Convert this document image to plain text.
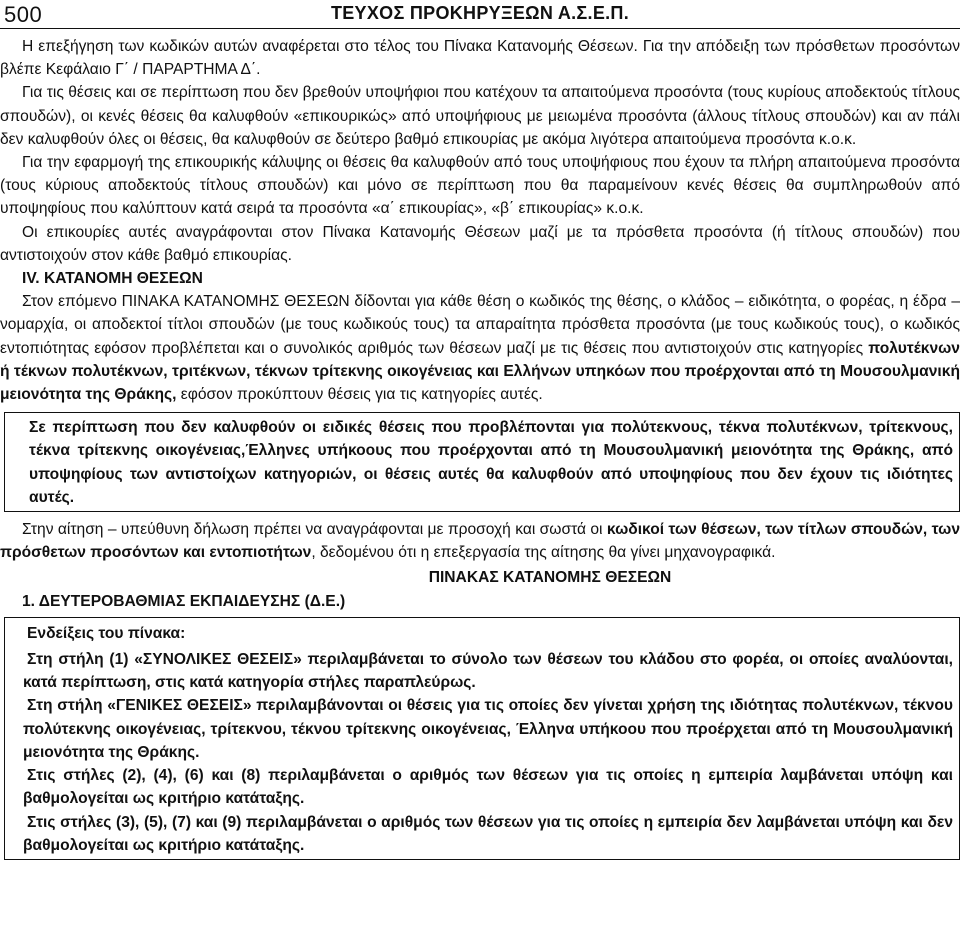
500	ΤΕΥΧΟΣ ΠΡΟΚΗΡΥΞΕΩΝ Α.Σ.Ε.Π.

Η επεξήγηση των κωδικών αυτών αναφέρεται στο τέλος του Πίνακα Κατανομής Θέσεων. Για την απόδειξη των πρόσθετων προσόντων βλέπε Κεφάλαιο Γ΄ / ΠΑΡΑΡΤΗΜΑ Δ΄.

Για τις θέσεις και σε περίπτωση που δεν βρεθούν υποψήφιοι που κατέχουν τα απαιτούμενα προσόντα (τους κυρίους αποδεκτούς τίτλους σπουδών), οι κενές θέσεις θα καλυφθούν «επικουρικώς» από υποψήφιους με μειωμένα προσόντα (άλλους τίτλους σπουδών) και αν πάλι δεν καλυφθούν όλες οι θέσεις, θα καλυφθούν σε δεύτερο βαθμό επικουρίας με ακόμα λιγότερα απαιτούμενα προσόντα κ.ο.κ.

Για την εφαρμογή της επικουρικής κάλυψης οι θέσεις θα καλυφθούν από τους υποψήφιους που έχουν τα πλήρη απαιτούμενα προσόντα (τους κύριους αποδεκτούς τίτλους σπουδών) και μόνο σε περίπτωση που θα παραμείνουν κενές θέσεις θα συμπληρωθούν από υποψηφίους που καλύπτουν κατά σειρά τα προσόντα «α΄ επικουρίας», «β΄ επικουρίας» κ.ο.κ.

Οι επικουρίες αυτές αναγράφονται στον Πίνακα Κατανομής Θέσεων μαζί με τα πρόσθετα προσόντα (ή τίτλους σπουδών) που αντιστοιχούν στον κάθε βαθμό επικουρίας.

IV. ΚΑΤΑΝΟΜΗ ΘΕΣΕΩΝ

Στον επόμενο ΠΙΝΑΚΑ ΚΑΤΑΝΟΜΗΣ ΘΕΣΕΩΝ δίδονται για κάθε θέση ο κωδικός της θέσης, ο κλάδος – ειδικότητα, ο φορέας, η έδρα – νομαρχία, οι αποδεκτοί τίτλοι σπουδών (με τους κωδικούς τους) τα απαραίτητα πρόσθετα προσόντα (με τους κωδικούς τους), ο κωδικός εντοπιότητας εφόσον προβλέπεται και ο συνολικός αριθμός των θέσεων μαζί με τις θέσεις που αντιστοιχούν στις κατηγορίες πολυτέκνων ή τέκνων πολυτέκνων, τριτέκνων, τέκνων τρίτεκνης οικογένειας και Ελλήνων υπηκόων που προέρχονται από τη Μουσουλμανική μειονότητα της Θράκης, εφόσον προκύπτουν θέσεις για τις κατηγορίες αυτές.

Σε περίπτωση που δεν καλυφθούν οι ειδικές θέσεις που προβλέπονται για πολύτεκνους, τέκνα πολυτέκνων, τρίτεκνους, τέκνα τρίτεκνης οικογένειας,Έλληνες υπήκοους που προέρχονται από τη Μουσουλμανική μειονότητα της Θράκης, από υποψηφίους των αντιστοίχων κατηγοριών, οι θέσεις αυτές θα καλυφθούν από υποψηφίους που δεν έχουν τις ιδιότητες αυτές.

Στην αίτηση – υπεύθυνη δήλωση πρέπει να αναγράφονται με προσοχή και σωστά οι κωδικοί των θέσεων, των τίτλων σπουδών, των πρόσθετων προσόντων και εντοπιοτήτων, δεδομένου ότι η επεξεργασία της αίτησης θα γίνει μηχανογραφικά.

ΠΙΝΑΚΑΣ ΚΑΤΑΝΟΜΗΣ ΘΕΣΕΩΝ

1. ΔΕΥΤΕΡΟΒΑΘΜΙΑΣ ΕΚΠΑΙΔΕΥΣΗΣ (Δ.Ε.)

Ενδείξεις του πίνακα:

Στη στήλη (1) «ΣΥΝΟΛΙΚΕΣ ΘΕΣΕΙΣ» περιλαμβάνεται το σύνολο των θέσεων του κλάδου στο φορέα, οι οποίες αναλύονται, κατά περίπτωση, στις κατά κατηγορία στήλες παραπλεύρως.

Στη στήλη «ΓΕΝΙΚΕΣ ΘΕΣΕΙΣ» περιλαμβάνονται οι θέσεις για τις οποίες δεν γίνεται χρήση της ιδιότητας πολυτέκνων, τέκνου πολύτεκνης οικογένειας, τρίτεκνου, τέκνου τρίτεκνης οικογένειας, Έλληνα υπήκοου που προέρχεται από τη Μουσουλμανική μειονότητα της Θράκης.

Στις στήλες (2), (4), (6) και (8) περιλαμβάνεται ο αριθμός των θέσεων για τις οποίες η εμπειρία λαμβάνεται υπόψη και βαθμολογείται ως κριτήριο κατάταξης.

Στις στήλες (3), (5), (7) και (9) περιλαμβάνεται ο αριθμός των θέσεων για τις οποίες η εμπειρία δεν λαμβάνεται υπόψη και δεν βαθμολογείται ως κριτήριο κατάταξης.
